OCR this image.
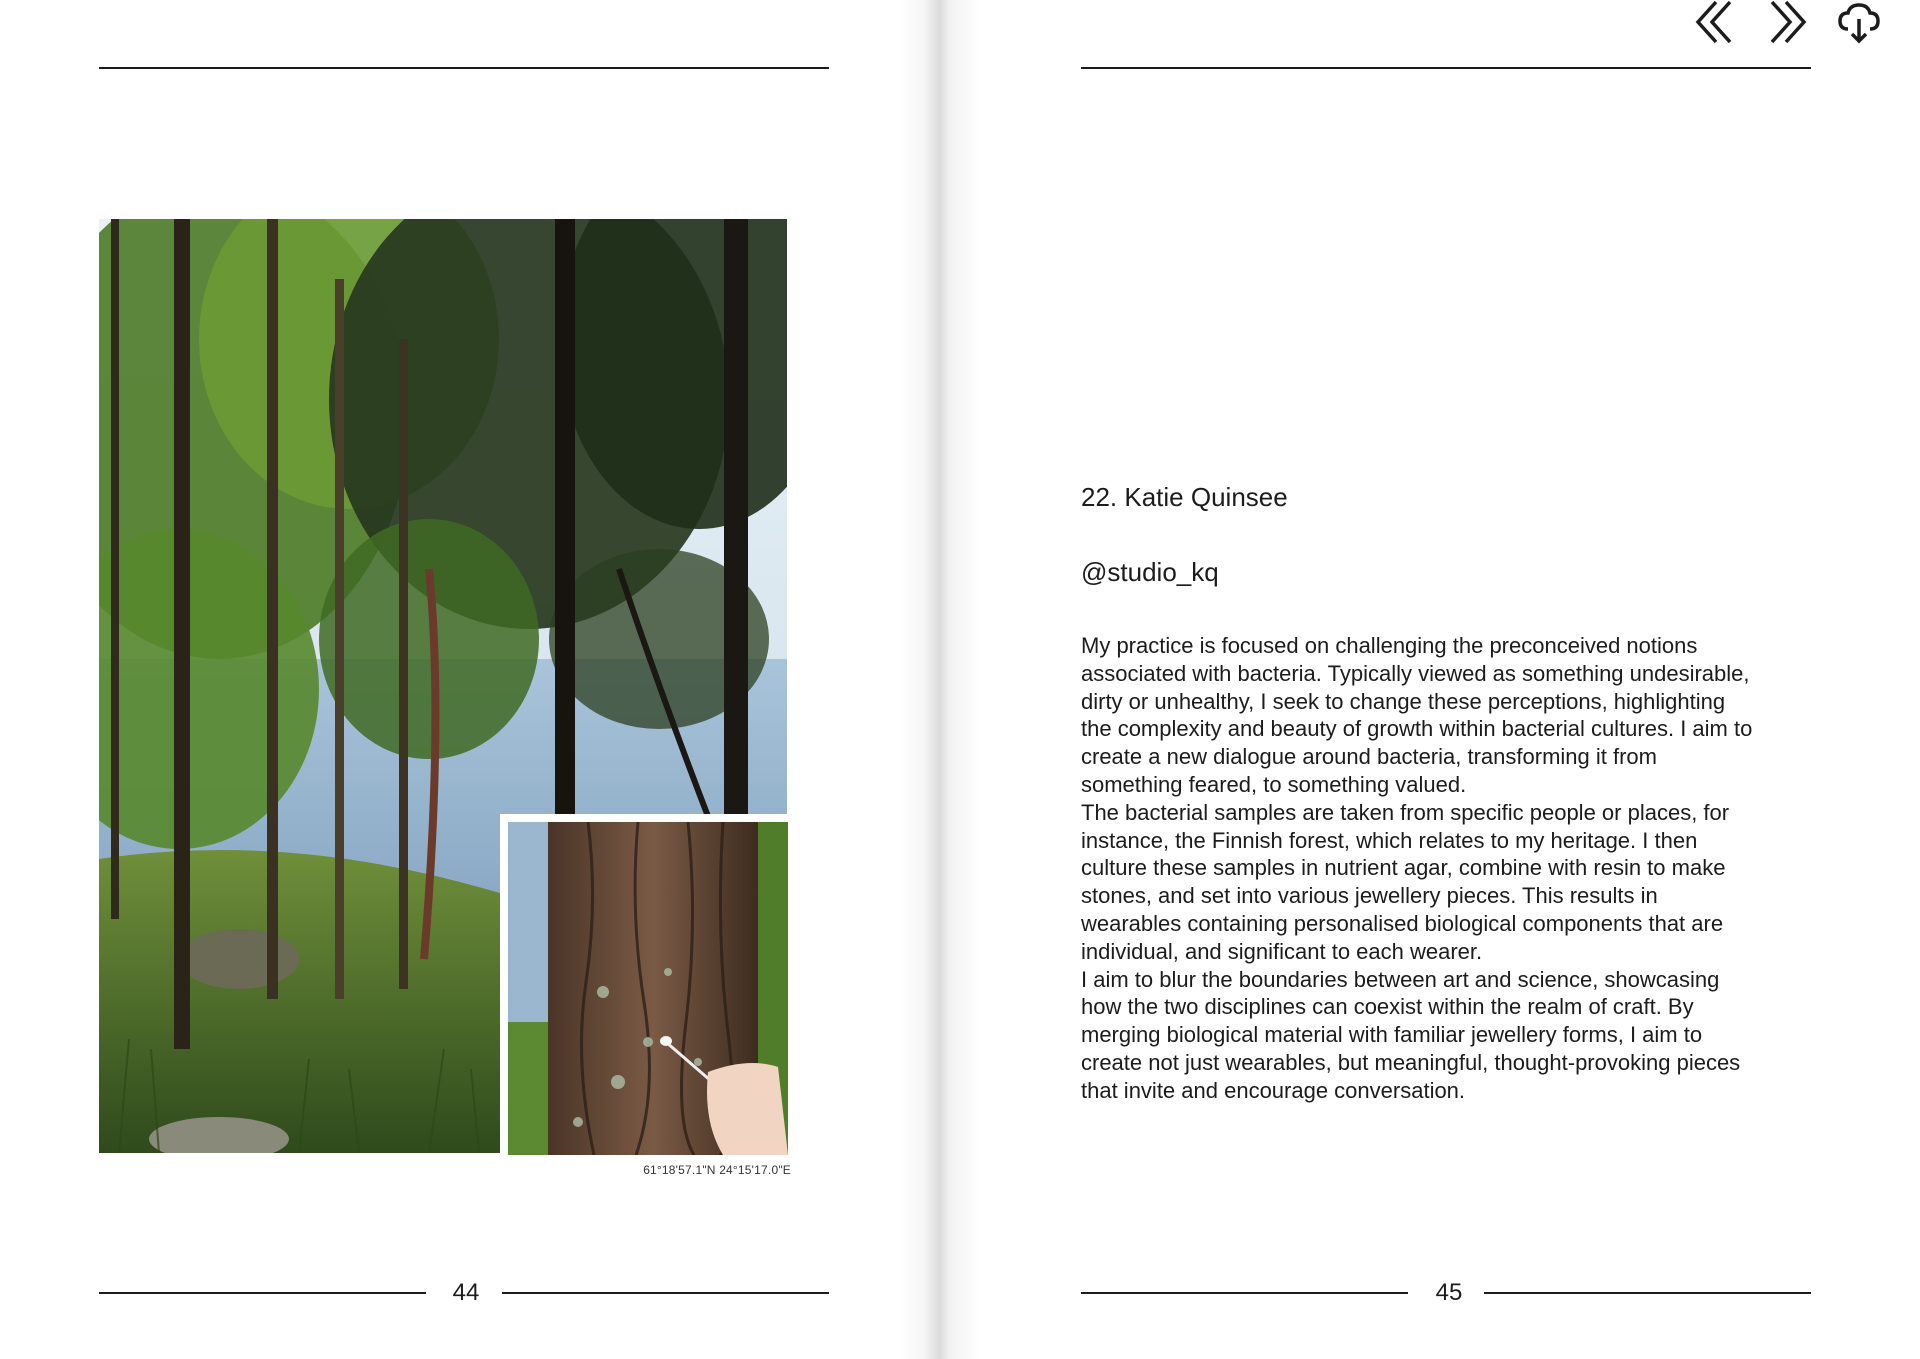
61°18'57.1"N 24°15'17.0"E
44
22. Katie Quinsee
@studio_kq

My practice is focused on challenging the preconceived notions associated with bacteria. Typically viewed as something undesirable, dirty or unhealthy, I seek to change these perceptions, highlighting the complexity and beauty of growth within bacterial cultures. I aim to create a new dialogue around bacteria, transforming it from something feared, to something valued.

The bacterial samples are taken from specific people or places, for instance, the Finnish forest, which relates to my heritage. I then culture these samples in nutrient agar, combine with resin to make stones, and set into various jewellery pieces. This results in wearables containing personalised biological components that are individual, and significant to each wearer.

I aim to blur the boundaries between art and science, showcasing how the two disciplines can coexist within the realm of craft. By merging biological material with familiar jewellery forms, I aim to create not just wearables, but meaningful, thought-provoking pieces that invite and encourage conversation.

45
